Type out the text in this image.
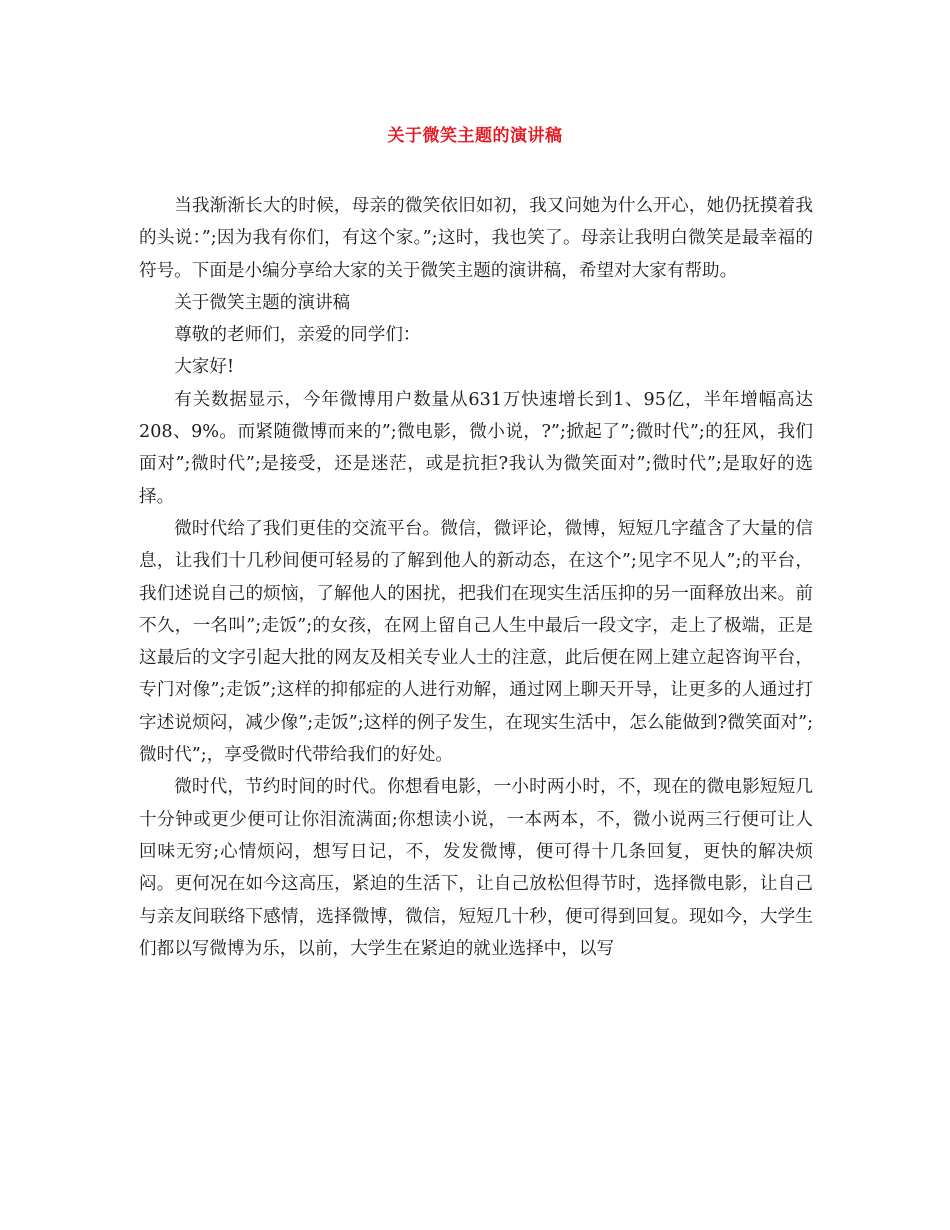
关于微笑主题的演讲稿

当我渐渐长大的时候，母亲的微笑依旧如初，我又问她为什么开心，她仍抚摸着我的头说：”;因为我有你们，有这个家。”;这时，我也笑了。母亲让我明白微笑是最幸福的符号。下面是小编分享给大家的关于微笑主题的演讲稿，希望对大家有帮助。

关于微笑主题的演讲稿

尊敬的老师们，亲爱的同学们：

大家好!

有关数据显示，今年微博用户数量从631万快速增长到1、95亿，半年增幅高达208、9%。而紧随微博而来的”;微电影，微小说，?”;掀起了”;微时代”;的狂风，我们面对”;微时代”;是接受，还是迷茫，或是抗拒?我认为微笑面对”;微时代”;是取好的选择。

微时代给了我们更佳的交流平台。微信，微评论，微博，短短几字蕴含了大量的信息，让我们十几秒间便可轻易的了解到他人的新动态，在这个”;见字不见人”;的平台，我们述说自己的烦恼，了解他人的困扰，把我们在现实生活压抑的另一面释放出来。前不久，一名叫”;走饭”;的女孩，在网上留自己人生中最后一段文字，走上了极端，正是这最后的文字引起大批的网友及相关专业人士的注意，此后便在网上建立起咨询平台，专门对像”;走饭”;这样的抑郁症的人进行劝解，通过网上聊天开导，让更多的人通过打字述说烦闷，减少像”;走饭”;这样的例子发生，在现实生活中，怎么能做到?微笑面对”;微时代”;，享受微时代带给我们的好处。

微时代，节约时间的时代。你想看电影，一小时两小时，不，现在的微电影短短几十分钟或更少便可让你泪流满面;你想读小说，一本两本，不，微小说两三行便可让人回味无穷;心情烦闷，想写日记，不，发发微博，便可得十几条回复，更快的解决烦闷。更何况在如今这高压，紧迫的生活下，让自己放松但得节时，选择微电影，让自己与亲友间联络下感情，选择微博，微信，短短几十秒，便可得到回复。现如今，大学生们都以写微博为乐，以前，大学生在紧迫的就业选择中，以写
